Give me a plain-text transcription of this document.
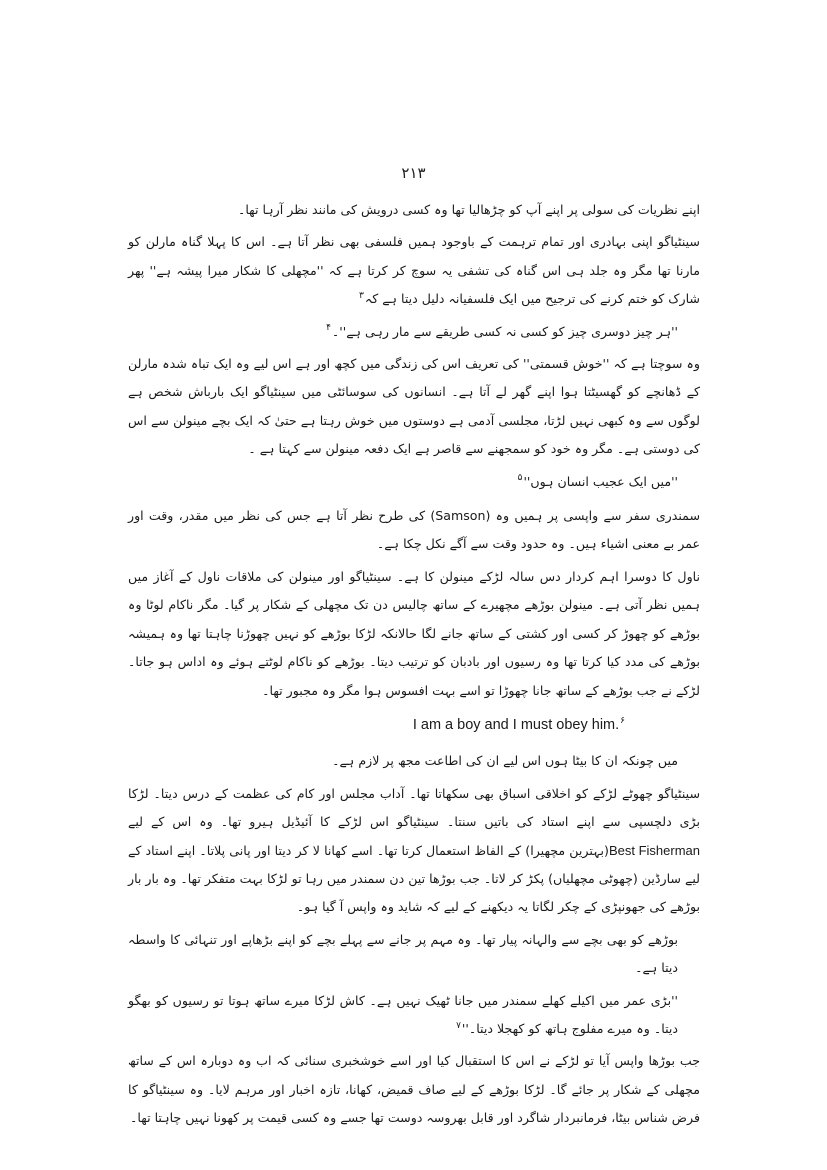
۲۱۳

اپنے نظریات کی سولی پر اپنے آپ کو چڑھالیا تھا وہ کسی درویش کی مانند نظر آرہا تھا۔

سینٹیاگو اپنی بہادری اور تمام ترہمت کے باوجود ہمیں فلسفی بھی نظر آتا ہے۔ اس کا پہلا گناہ مارلن کو مارنا تھا مگر وہ جلد ہی اس گناہ کی تشفی یہ سوچ کر کرتا ہے کہ ''مچھلی کا شکار میرا پیشہ ہے'' پھر شارک کو ختم کرنے کی ترجیح میں ایک فلسفیانہ دلیل دیتا ہے کہ$^۳$

''ہر چیز دوسری چیز کو کسی نہ کسی طریقے سے مار رہی ہے''۔$^۴$

وہ سوچتا ہے کہ ''خوش قسمتی'' کی تعریف اس کی زندگی میں کچھ اور ہے اس لیے وہ ایک تباہ شدہ مارلن کے ڈھانچے کو گھسیٹتا ہوا اپنے گھر لے آتا ہے۔ انسانوں کی سوسائٹی میں سینٹیاگو ایک بارباش شخص ہے لوگوں سے وہ کبھی نہیں لڑتا، مجلسی آدمی ہے دوستوں میں خوش رہتا ہے حتیٰ کہ ایک بچے مینولن سے اس کی دوستی ہے۔ مگر وہ خود کو سمجھنے سے قاصر ہے ایک دفعہ مینولن سے کہتا ہے ۔

''میں ایک عجیب انسان ہوں''$^۵$

سمندری سفر سے واپسی پر ہمیں وہ (Samson) کی طرح نظر آتا ہے جس کی نظر میں مقدر، وقت اور عمر بے معنی اشیاء ہیں۔ وہ حدود وقت سے آگے نکل چکا ہے۔

ناول کا دوسرا اہم کردار دس سالہ لڑکے مینولن کا ہے۔ سینٹیاگو اور مینولن کی ملاقات ناول کے آغاز میں ہمیں نظر آتی ہے۔ مینولن بوڑھے مچھیرے کے ساتھ چالیس دن تک مچھلی کے شکار پر گیا۔ مگر ناکام لوٹا وہ بوڑھے کو چھوڑ کر کسی اور کشتی کے ساتھ جانے لگا حالانکہ لڑکا بوڑھے کو نہیں چھوڑنا چاہتا تھا وہ ہمیشہ بوڑھے کی مدد کیا کرتا تھا وہ رسیوں اور بادبان کو ترتیب دیتا۔ بوڑھے کو ناکام لوٹتے ہوئے وہ اداس ہو جاتا۔ لڑکے نے جب بوڑھے کے ساتھ جانا چھوڑا تو اسے بہت افسوس ہوا مگر وہ مجبور تھا۔

I am a boy and I must obey him.$^۶$

میں چونکہ ان کا بیٹا ہوں اس لیے ان کی اطاعت مجھ پر لازم ہے۔

سینٹیاگو چھوٹے لڑکے کو اخلاقی اسباق بھی سکھاتا تھا۔ آداب مجلس اور کام کی عظمت کے درس دیتا۔ لڑکا بڑی دلچسپی سے اپنے استاد کی باتیں سنتا۔ سینٹیاگو اس لڑکے کا آئیڈیل ہیرو تھا۔ وہ اس کے لیے Best Fisherman(بہترین مچھیرا) کے الفاظ استعمال کرتا تھا۔ اسے کھانا لا کر دیتا اور پانی پلاتا۔ اپنے استاد کے لیے سارڈین (چھوٹی مچھلیاں) پکڑ کر لاتا۔ جب بوڑھا تین دن سمندر میں رہا تو لڑکا بہت متفکر تھا۔ وہ بار بار بوڑھے کی جھونپڑی کے چکر لگاتا یہ دیکھنے کے لیے کہ شاید وہ واپس آ گیا ہو۔

بوڑھے کو بھی بچے سے والہانہ پیار تھا۔ وہ مہم پر جانے سے پہلے بچے کو اپنے بڑھاپے اور تنہائی کا واسطہ دیتا ہے۔

''بڑی عمر میں اکیلے کھلے سمندر میں جانا ٹھیک نہیں ہے۔ کاش لڑکا میرے ساتھ ہوتا تو رسیوں کو بھگو دیتا۔ وہ میرے مفلوج ہاتھ کو کھجلا دیتا۔''$^۷$

جب بوڑھا واپس آیا تو لڑکے نے اس کا استقبال کیا اور اسے خوشخبری سنائی کہ اب وہ دوبارہ اس کے ساتھ مچھلی کے شکار پر جائے گا۔ لڑکا بوڑھے کے لیے صاف قمیض، کھانا، تازہ اخبار اور مرہم لایا۔ وہ سینٹیاگو کا فرض شناس بیٹا، فرمانبردار شاگرد اور قابل بھروسہ دوست تھا جسے وہ کسی قیمت پر کھونا نہیں چاہتا تھا۔
